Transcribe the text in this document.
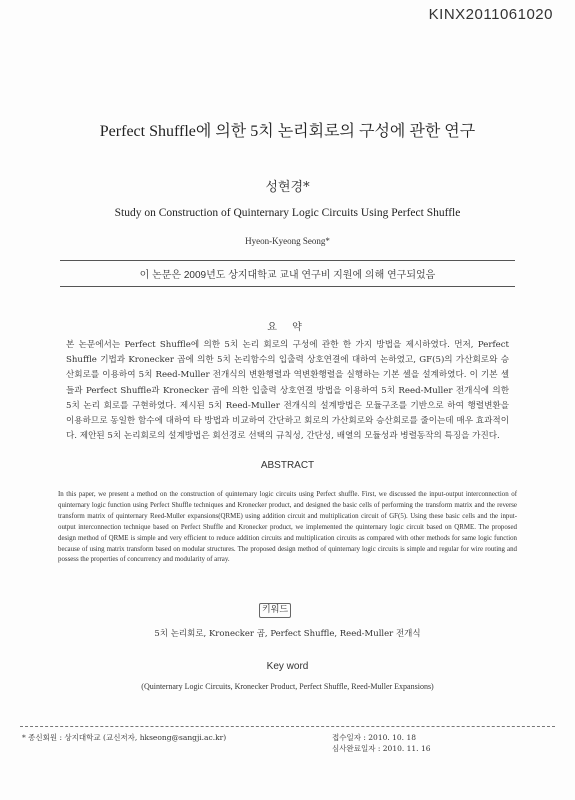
KINX2011061020
Perfect Shuffle에 의한 5치 논리회로의 구성에 관한 연구
성현경*
Study on Construction of Quinternary Logic Circuits Using Perfect Shuffle
Hyeon-Kyeong Seong*
이 논문은 2009년도 상지대학교 교내 연구비 지원에 의해 연구되었음
요 약
본 논문에서는 Perfect Shuffle에 의한 5치 논리 회로의 구성에 관한 한 가지 방법을 제시하였다. 먼저, Perfect Shuffle 기법과 Kronecker 곱에 의한 5치 논리함수의 입출력 상호연결에 대하여 논하였고, GF(5)의 가산회로와 승산회로를 이용하여 5치 Reed-Muller 전개식의 변환행렬과 역변환행렬을 실행하는 기본 셀을 설계하였다. 이 기본 셀들과 Perfect Shuffle과 Kronecker 곱에 의한 입출력 상호연결 방법을 이용하여 5치 Reed-Muller 전개식에 의한 5치 논리 회로를 구현하였다. 제시된 5치 Reed-Muller 전개식의 설계방법은 모듈구조를 기반으로 하여 행렬변환을 이용하므로 동일한 함수에 대하여 타 방법과 비교하여 간단하고 회로의 가산회로와 승산회로를 줄이는데 매우 효과적이다. 제안된 5치 논리회로의 설계방법은 회선경로 선택의 규칙성, 간단성, 배열의 모듈성과 병렬동작의 특징을 가진다.
ABSTRACT
In this paper, we present a method on the construction of quinternary logic circuits using Perfect shuffle. First, we discussed the input-output interconnection of quinternary logic function using Perfect Shuffle techniques and Kronecker product, and designed the basic cells of performing the transform matrix and the reverse transform matrix of quinternary Reed-Muller expansions(QRME) using addition circuit and multiplication circuit of GF(5). Using these basic cells and the input-output interconnection technique based on Perfect Shuffle and Kronecker product, we implemented the quinternary logic circuit based on QRME. The proposed design method of QRME is simple and very efficient to reduce addition circuits and multiplication circuits as compared with other methods for same logic function because of using matrix transform based on modular structures. The proposed design method of quinternary logic circuits is simple and regular for wire routing and possess the properties of concurrency and modularity of array.
키워드
5치 논리회로, Kronecker 곱, Perfect Shuffle, Reed-Muller 전개식
Key word
(Quinternary Logic Circuits, Kronecker Product, Perfect Shuffle, Reed-Muller Expansions)
* 종신회원 : 상지대학교 (교신저자, hkseong@sangji.ac.kr)	접수일자 : 2010. 10. 18
심사완료일자 : 2010. 11. 16
